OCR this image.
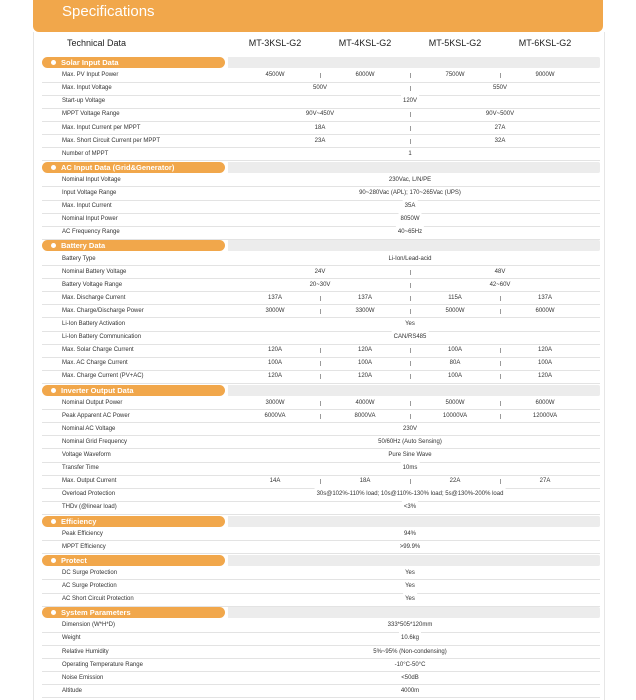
Specifications
Technical Data	MT-3KSL-G2	MT-4KSL-G2	MT-5KSL-G2	MT-6KSL-G2
Solar Input Data
Max. PV Input Power	4500W	6000W	7500W	9000W
Max. Input Voltage	500V	550V
Start-up Voltage	120V
MPPT Voltage Range	90V~450V	90V~500V
Max. Input Current per MPPT	18A	27A
Max. Short Circuit Current per MPPT	23A	32A
Number of MPPT	1
AC Input Data (Grid&Generator)
Nominal Input Voltage	230Vac, L/N/PE
Input Voltage Range	90~280Vac (APL); 170~265Vac (UPS)
Max. Input Current	35A
Nominal Input Power	8050W
AC Frequency Range	40~65Hz
Battery Data
Battery Type	Li-Ion/Lead-acid
Nominal Battery Voltage	24V	48V
Battery Voltage Range	20~30V	42~60V
Max. Discharge Current	137A	137A	115A	137A
Max. Charge/Discharge Power	3000W	3300W	5000W	6000W
Li-Ion Battery Activation	Yes
Li-Ion Battery Communication	CAN/RS485
Max. Solar Charge Current	120A	120A	100A	120A
Max. AC Charge Current	100A	100A	80A	100A
Max. Charge Current (PV+AC)	120A	120A	100A	120A
Inverter Output Data
Nominal Output Power	3000W	4000W	5000W	6000W
Peak Apparent AC Power	6000VA	8000VA	10000VA	12000VA
Nominal AC Voltage	230V
Nominal Grid Frequency	50/60Hz (Auto Sensing)
Voltage Waveform	Pure Sine Wave
Transfer Time	10ms
Max. Output Current	14A	18A	22A	27A
Overload Protection	30s@102%-110% load; 10s@110%-130% load; 5s@130%-200% load
THDv (@linear load)	<3%
Efficiency
Peak Efficiency	94%
MPPT Efficiency	>99.9%
Protect
DC Surge Protection	Yes
AC Surge Protection	Yes
AC Short Circuit Protection	Yes
System Parameters
Dimension (W*H*D)	333*505*120mm
Weight	10.6kg
Relative Humidity	5%~95% (Non-condensing)
Operating Temperature Range	-10°C-50°C
Noise Emission	<50dB
Altitude	4000m
